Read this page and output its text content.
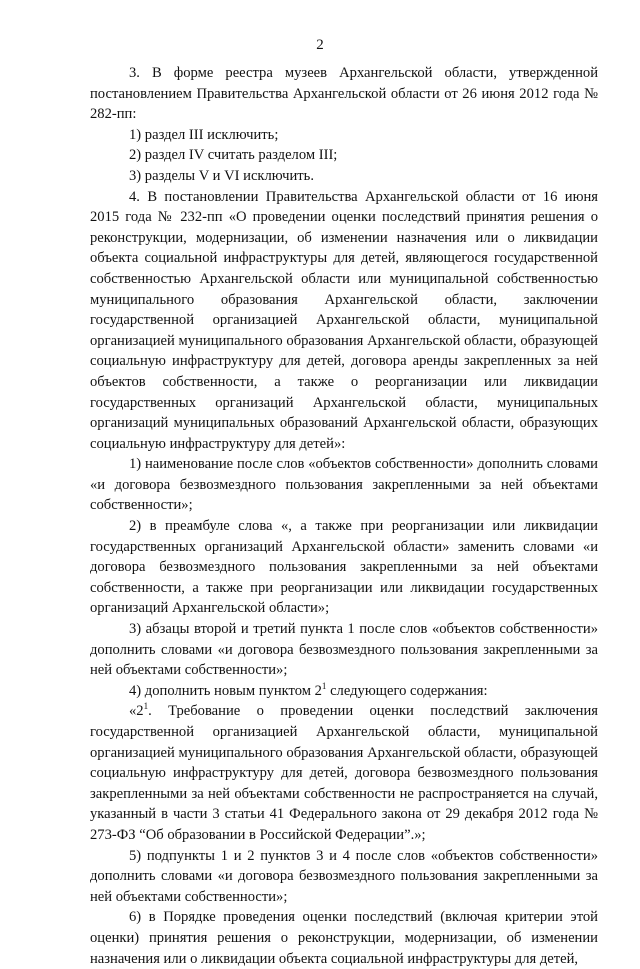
2

3. В форме реестра музеев Архангельской области, утвержденной постановлением Правительства Архангельской области от 26 июня 2012 года № 282-пп:

1) раздел III исключить;

2) раздел IV считать разделом III;

3) разделы V и VI исключить.

4. В постановлении Правительства Архангельской области от 16 июня 2015 года № 232-пп «О проведении оценки последствий принятия решения о реконструкции, модернизации, об изменении назначения или о ликвидации объекта социальной инфраструктуры для детей, являющегося государственной собственностью Архангельской области или муниципальной собственностью муниципального образования Архангельской области, заключении государственной организацией Архангельской области, муниципальной организацией муниципального образования Архангельской области, образующей социальную инфраструктуру для детей, договора аренды закрепленных за ней объектов собственности, а также о реорганизации или ликвидации государственных организаций Архангельской области, муниципальных организаций муниципальных образований Архангельской области, образующих социальную инфраструктуру для детей»:

1) наименование после слов «объектов собственности» дополнить словами «и договора безвозмездного пользования закрепленными за ней объектами собственности»;

2) в преамбуле слова «, а также при реорганизации или ликвидации государственных организаций Архангельской области» заменить словами «и договора безвозмездного пользования закрепленными за ней объектами собственности, а также при реорганизации или ликвидации государственных организаций Архангельской области»;

3) абзацы второй и третий пункта 1 после слов «объектов собственности» дополнить словами «и договора безвозмездного пользования закрепленными за ней объектами собственности»;

4) дополнить новым пунктом $2^1$ следующего содержания:

«$2^1$. Требование о проведении оценки последствий заключения государственной организацией Архангельской области, муниципальной организацией муниципального образования Архангельской области, образующей социальную инфраструктуру для детей, договора безвозмездного пользования закрепленными за ней объектами собственности не распространяется на случай, указанный в части 3 статьи 41 Федерального закона от 29 декабря 2012 года № 273-ФЗ “Об образовании в Российской Федерации”.»;

5) подпункты 1 и 2 пунктов 3 и 4 после слов «объектов собственности» дополнить словами «и договора безвозмездного пользования закрепленными за ней объектами собственности»;

6) в Порядке проведения оценки последствий (включая критерии этой оценки) принятия решения о реконструкции, модернизации, об изменении назначения или о ликвидации объекта социальной инфраструктуры для детей,
